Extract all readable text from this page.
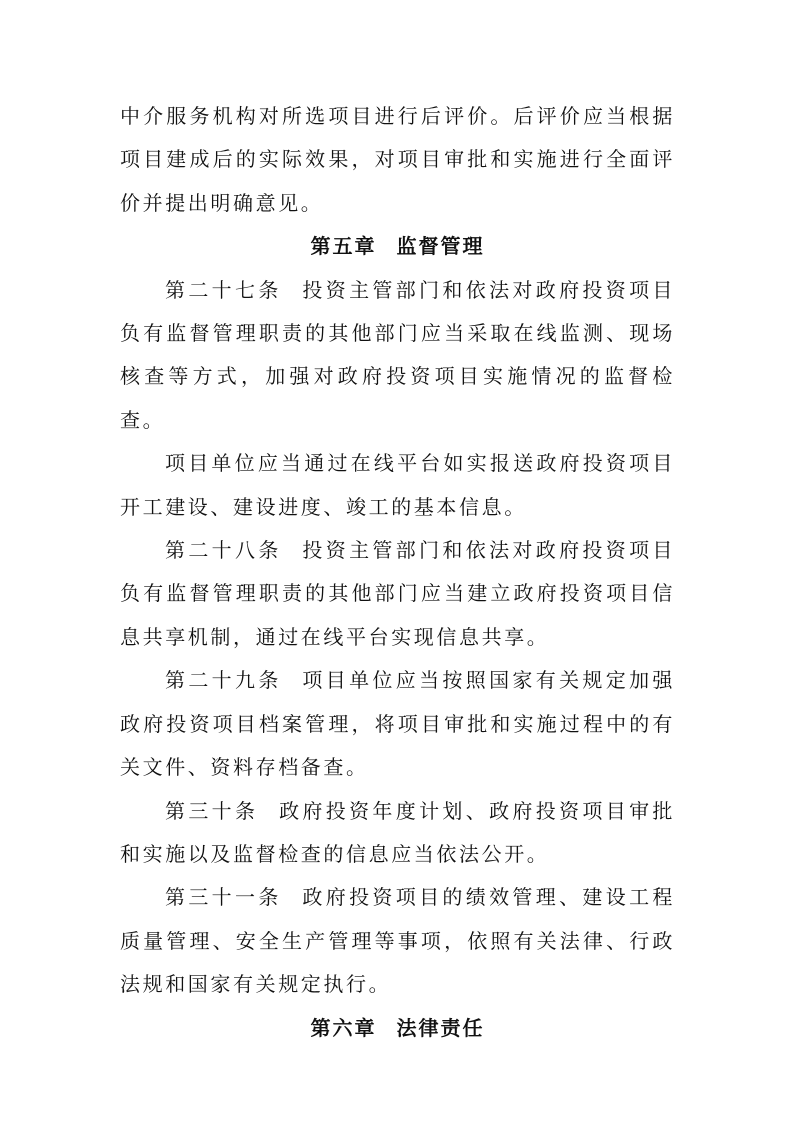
中介服务机构对所选项目进行后评价。后评价应当根据项目建成后的实际效果，对项目审批和实施进行全面评价并提出明确意见。

第五章 监督管理

第二十七条 投资主管部门和依法对政府投资项目负有监督管理职责的其他部门应当采取在线监测、现场核查等方式，加强对政府投资项目实施情况的监督检查。

项目单位应当通过在线平台如实报送政府投资项目开工建设、建设进度、竣工的基本信息。

第二十八条 投资主管部门和依法对政府投资项目负有监督管理职责的其他部门应当建立政府投资项目信息共享机制，通过在线平台实现信息共享。

第二十九条 项目单位应当按照国家有关规定加强政府投资项目档案管理，将项目审批和实施过程中的有关文件、资料存档备查。

第三十条 政府投资年度计划、政府投资项目审批和实施以及监督检查的信息应当依法公开。

第三十一条 政府投资项目的绩效管理、建设工程质量管理、安全生产管理等事项，依照有关法律、行政法规和国家有关规定执行。

第六章 法律责任
